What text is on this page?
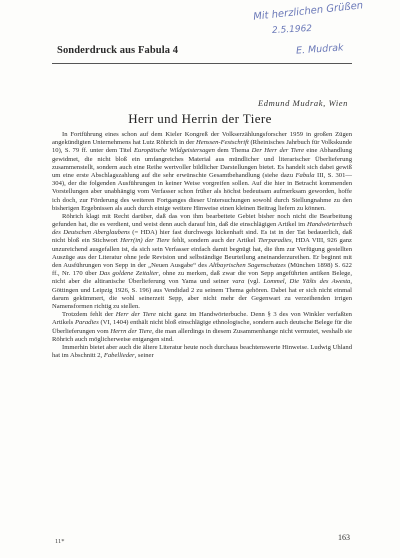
Mit herzlichen Grüßen
2.5.1962
E. Mudrak
Sonderdruck aus Fabula 4
Edmund Mudrak, Wien
Herr und Herrin der Tiere

In Fortführung eines schon auf dem Kieler Kongreß der Volkserzählungsforscher 1959 in großen Zügen angekündigten Unternehmens hat Lutz Röhrich in der Henssen-Festschrift (Rheinisches Jahrbuch für Volkskunde 10), S. 79 ff. unter dem Titel Europäische Wildgeistersagen dem Thema Der Herr der Tiere eine Abhandlung gewidmet, die nicht bloß ein umfangreiches Material aus mündlicher und literarischer Überlieferung zusammenstellt, sondern auch eine Reihe wertvoller bildlicher Darstellungen bietet. Es handelt sich dabei gewiß um eine erste Abschlagszahlung auf die sehr erwünschte Gesamtbehandlung (siehe dazu Fabula III, S. 301—304), der die folgenden Ausführungen in keiner Weise vorgreifen sollen. Auf die hier in Betracht kommenden Vorstellungen aber unabhängig vom Verfasser schon früher als höchst bedeutsam aufmerksam geworden, hoffe ich doch, zur Förderung des weiteren Fortganges dieser Untersuchungen sowohl durch Stellungnahme zu den bisherigen Ergebnissen als auch durch einige weitere Hinweise einen kleinen Beitrag liefern zu können.

Röhrich klagt mit Recht darüber, daß das von ihm bearbeitete Gebiet bisher noch nicht die Bearbeitung gefunden hat, die es verdient, und weist denn auch darauf hin, daß die einschlägigen Artikel im Handwörterbuch des Deutschen Aberglaubens (= HDA) hier fast durchwegs lückenhaft sind. Es ist in der Tat bedauerlich, daß nicht bloß ein Stichwort Herr(in) der Tiere fehlt, sondern auch der Artikel Tierparadies, HDA VIII, 926 ganz unzureichend ausgefallen ist, da sich sein Verfasser einfach damit begnügt hat, die ihm zur Verfügung gestellten Auszüge aus der Literatur ohne jede Revision und selbständige Beurteilung aneinanderzureihen. Er beginnt mit den Ausführungen von Sepp in der „Neuen Ausgabe“ des Altbayrischen Sagenschatzes (München 1898) S. 622 ff., Nr. 170 über Das goldene Zeitalter, ohne zu merken, daß zwar die von Sepp angeführten antiken Belege, nicht aber die altiranische Überlieferung von Yama und seiner vara (vgl. Lommel, Die Yäšts des Awesta, Göttingen und Leipzig 1926, S. 196) aus Vendidad 2 zu seinem Thema gehören. Dabei hat er sich nicht einmal darum gekümmert, die wohl seinerzeit Sepp, aber nicht mehr der Gegenwart zu verzeihenden irrigen Namensformen richtig zu stellen.

Trotzdem fehlt der Herr der Tiere nicht ganz im Handwörterbuche. Denn § 3 des von Winkler verfaßten Artikels Paradies (VI, 1404) enthält nicht bloß einschlägige ethnologische, sondern auch deutsche Belege für die Überlieferungen vom Herrn der Tiere, die man allerdings in diesem Zusammenhange nicht vermutet, weshalb sie Röhrich auch möglicherweise entgangen sind.

Immerhin bietet aber auch die ältere Literatur heute noch durchaus beachtenswerte Hinweise. Ludwig Uhland hat im Abschnitt 2, Fabellieder, seiner

11*	163
